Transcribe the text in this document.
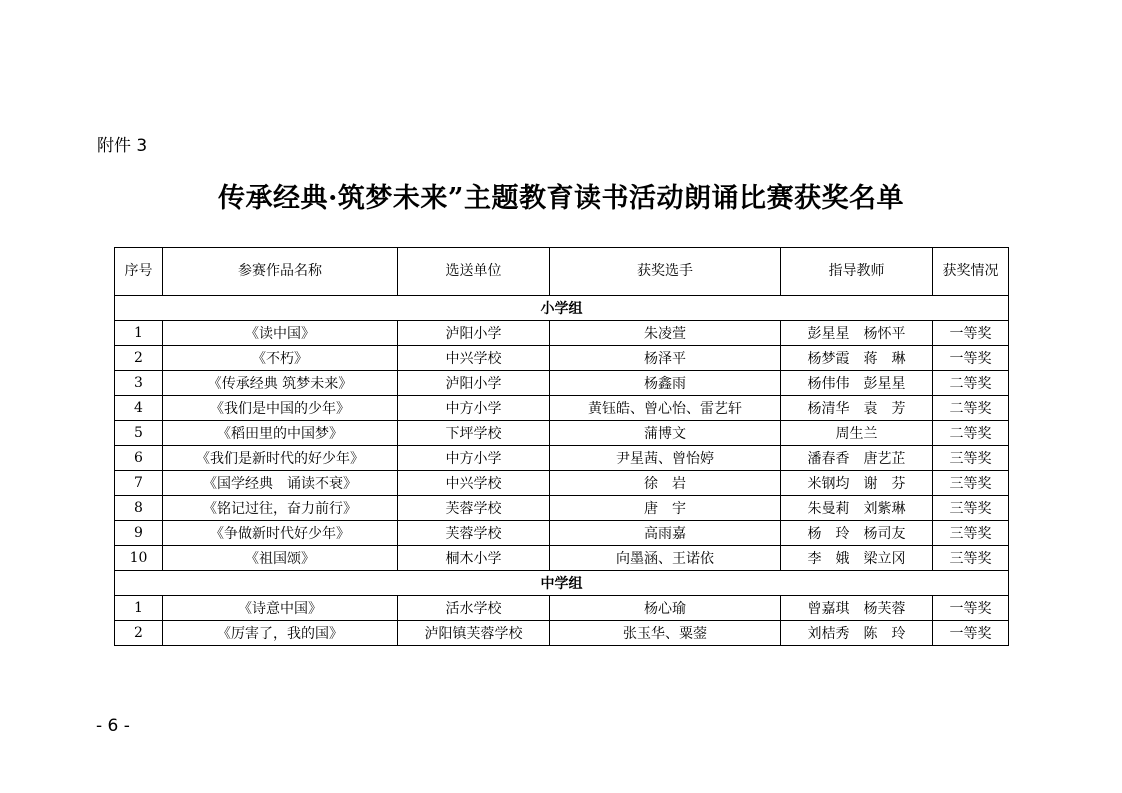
附件 3
传承经典·筑梦未来”主题教育读书活动朗诵比赛获奖名单
序号	参赛作品名称	选送单位	获奖选手	指导教师	获奖情况
小学组					
1	《读中国》	泸阳小学	朱凌萱	彭星星　杨怀平	一等奖
2	《不朽》	中兴学校	杨泽平	杨梦霞　蒋　琳	一等奖
3	《传承经典 筑梦未来》	泸阳小学	杨鑫雨	杨伟伟　彭星星	二等奖
4	《我们是中国的少年》	中方小学	黄钰皓、曾心怡、雷艺轩	杨清华　袁　芳	二等奖
5	《稻田里的中国梦》	下坪学校	蒲博文	周生兰	二等奖
6	《我们是新时代的好少年》	中方小学	尹星茜、曾怡婷	潘春香　唐艺芷	三等奖
7	《国学经典　诵读不衰》	中兴学校	徐　岩	米钢均　谢　芬	三等奖
8	《铭记过往，奋力前行》	芙蓉学校	唐　宇	朱曼莉　刘紫琳	三等奖
9	《争做新时代好少年》	芙蓉学校	高雨嘉	杨　玲　杨司友	三等奖
10	《祖国颂》	桐木小学	向墨涵、王诺依	李　娥　梁立冈	三等奖
中学组					
1	《诗意中国》	活水学校	杨心瑜	曾嘉琪　杨芙蓉	一等奖
2	《厉害了，我的国》	泸阳镇芙蓉学校	张玉华、粟蓥	刘桔秀　陈　玲	一等奖
- 6 -
